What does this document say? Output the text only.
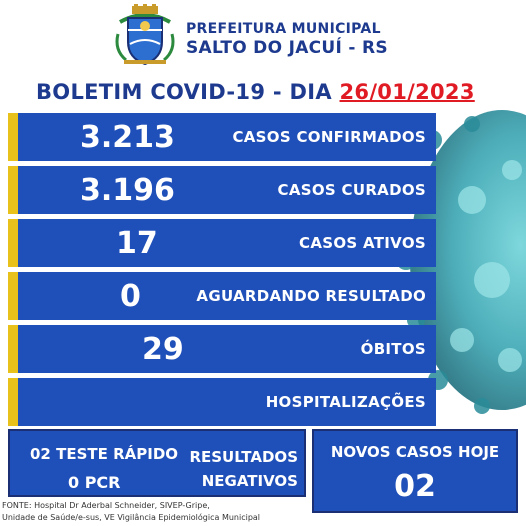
PREFEITURA MUNICIPAL
SALTO DO JACUÍ - RS
BOLETIM COVID-19 - DIA 26/01/2023
3.213	CASOS CONFIRMADOS
3.196	CASOS CURADOS
17	CASOS ATIVOS
0	AGUARDANDO RESULTADO
29	ÓBITOS
HOSPITALIZAÇÕES
02 TESTE RÁPIDO
0 PCR
RESULTADOS
NEGATIVOS
NOVOS CASOS HOJE
02
FONTE: Hospital Dr Aderbal Schneider, SIVEP-Gripe,
Unidade de Saúde/e-sus, VE Vigilância Epidemiológica Municipal
